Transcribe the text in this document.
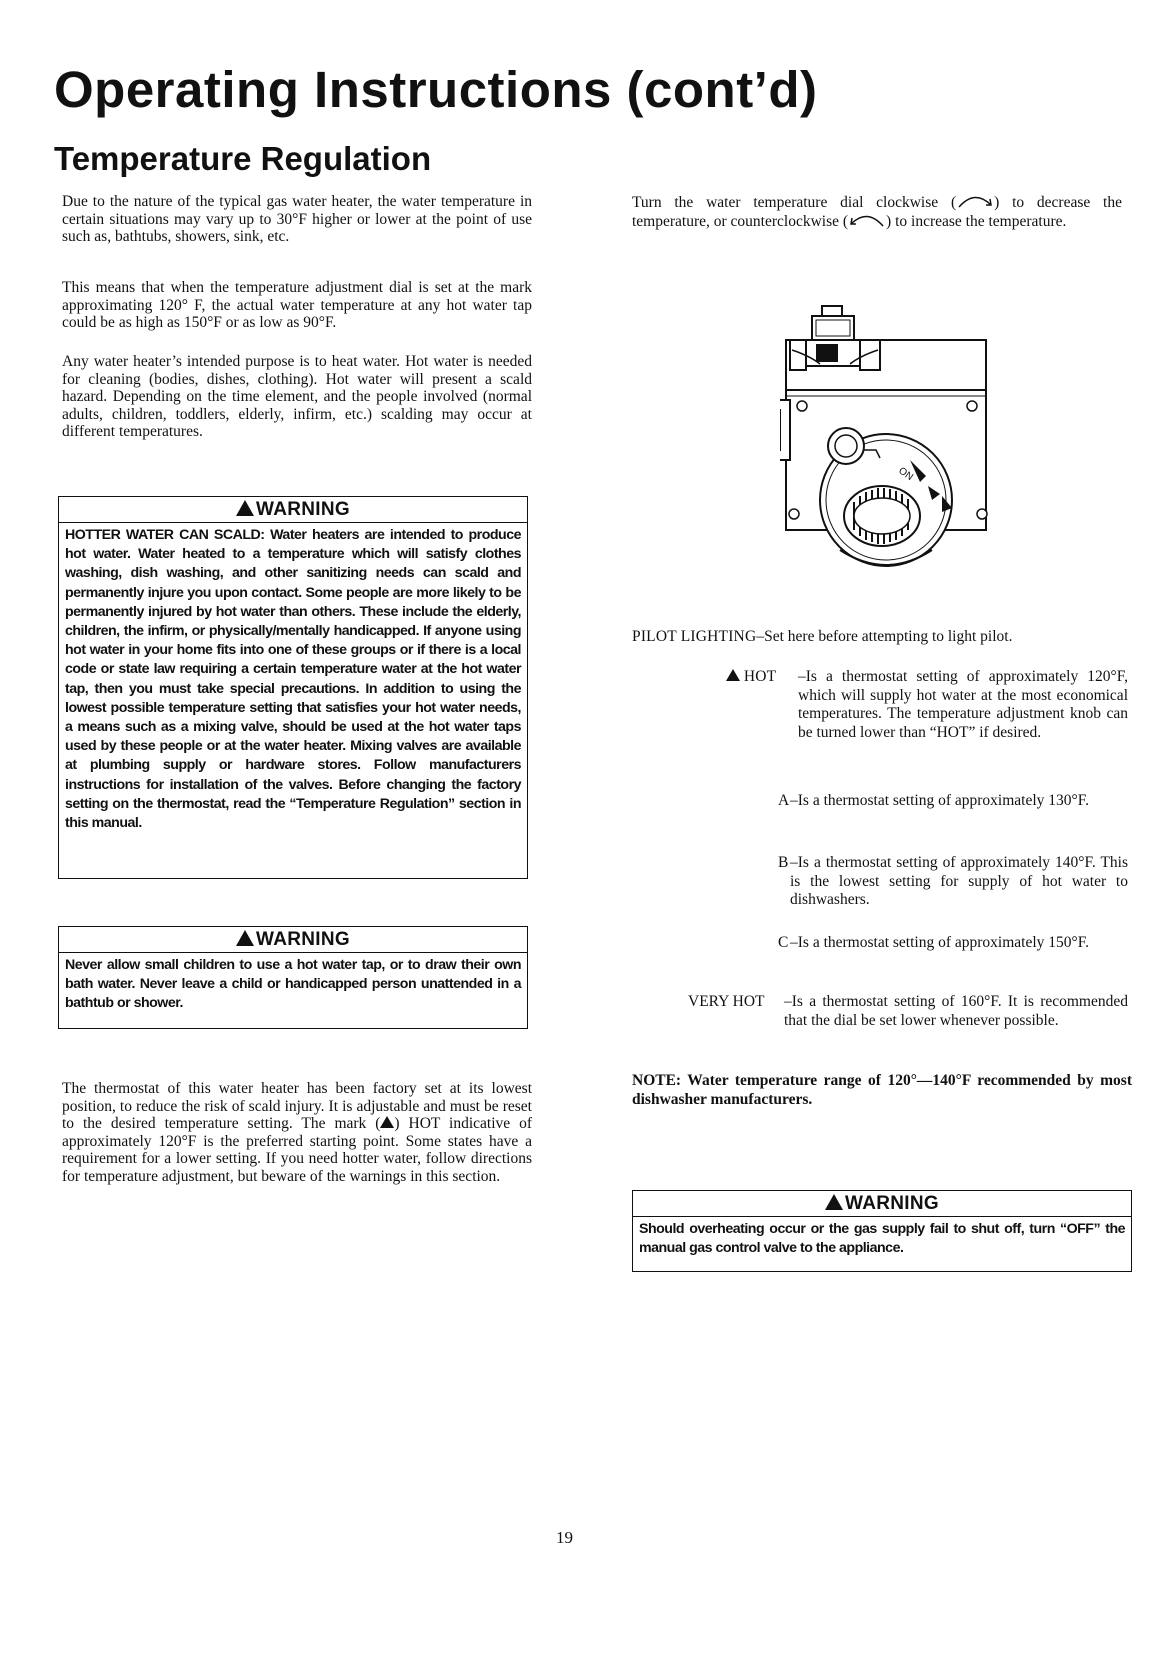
Operating Instructions (cont’d)
Temperature Regulation

Due to the nature of the typical gas water heater, the water temperature in certain situations may vary up to 30°F higher or lower at the point of use such as, bathtubs, showers, sink, etc.

This means that when the temperature adjustment dial is set at the mark approximating 120° F, the actual water temperature at any hot water tap could be as high as 150°F or as low as 90°F.

Any water heater’s intended purpose is to heat water. Hot water is needed for cleaning (bodies, dishes, clothing). Hot water will present a scald hazard. Depending on the time element, and the people involved (normal adults, children, toddlers, elderly, infirm, etc.) scalding may occur at different temperatures.

WARNING
HOTTER WATER CAN SCALD: Water heaters are intended to produce hot water. Water heated to a temperature which will satisfy clothes washing, dish washing, and other sanitizing needs can scald and permanently injure you upon contact. Some people are more likely to be permanently injured by hot water than others. These include the elderly, children, the infirm, or physically/mentally handicapped. If anyone using hot water in your home fits into one of these groups or if there is a local code or state law requiring a certain temperature water at the hot water tap, then you must take special precautions. In addition to using the lowest possible temperature setting that satisfies your hot water needs, a means such as a mixing valve, should be used at the hot water taps used by these people or at the water heater. Mixing valves are available at plumbing supply or hardware stores. Follow manufacturers instructions for installation of the valves. Before changing the factory setting on the thermostat, read the “Temperature Regulation” section in this manual.
WARNING
Never allow small children to use a hot water tap, or to draw their own bath water. Never leave a child or handicapped person unattended in a bathtub or shower.

The thermostat of this water heater has been factory set at its lowest position, to reduce the risk of scald injury. It is adjustable and must be reset to the desired temperature setting. The mark ( ) HOT indicative of approximately 120°F is the preferred starting point. Some states have a requirement for a lower setting. If you need hotter water, follow directions for temperature adjustment, but beware of the warnings in this section.

Turn the water temperature dial clockwise ( ) to decrease the temperature, or counterclockwise ( ) to increase the temperature.

ON
PILOT LIGHTING–Set here before attempting to light pilot.
HOT	–Is a thermostat setting of approximately 120°F, which will supply hot water at the most economical temperatures. The temperature adjustment knob can be turned lower than “HOT” if desired.
A –Is a thermostat setting of approximately 130°F.
B –Is a thermostat setting of approximately 140°F. This is the lowest setting for supply of hot water to dishwashers.
C –Is a thermostat setting of approximately 150°F.
VERY HOT	–Is a thermostat setting of 160°F. It is recommended that the dial be set lower whenever possible.
NOTE: Water temperature range of 120°—140°F recommended by most dishwasher manufacturers.
WARNING
Should overheating occur or the gas supply fail to shut off, turn “OFF” the manual gas control valve to the appliance.
19
